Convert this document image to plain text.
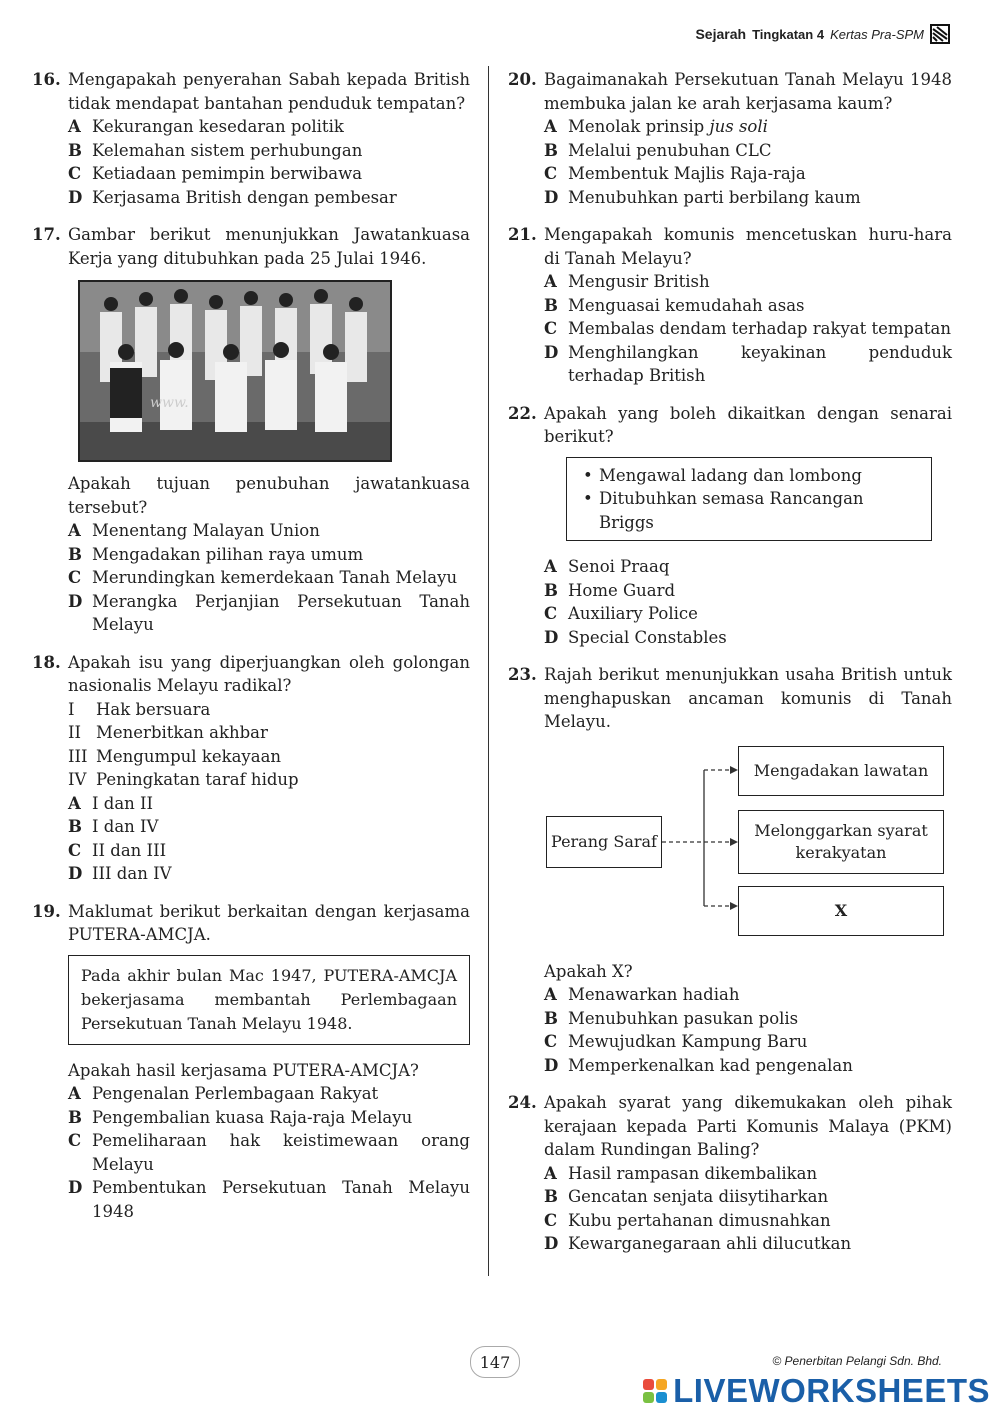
Sejarah Tingkatan 4 Kertas Pra-SPM
16. Mengapakah penyerahan Sabah kepada British tidak mendapat bantahan penduduk tempatan?
A Kekurangan kesedaran politik
B Kelemahan sistem perhubungan
C Ketiadaan pemimpin berwibawa
D Kerjasama British dengan pembesar
17. Gambar berikut menunjukkan Jawatankuasa Kerja yang ditubuhkan pada 25 Julai 1946.
www.
Apakah tujuan penubuhan jawatankuasa tersebut?
A Menentang Malayan Union
B Mengadakan pilihan raya umum
C Merundingkan kemerdekaan Tanah Melayu
D Merangka Perjanjian Persekutuan Tanah Melayu
18. Apakah isu yang diperjuangkan oleh golongan nasionalis Melayu radikal?
I	Hak bersuara
II Menerbitkan akhbar
III Mengumpul kekayaan
IV Peningkatan taraf hidup
A I dan II
B I dan IV
C II dan III
D III dan IV
19. Maklumat berikut berkaitan dengan kerjasama PUTERA-AMCJA.
Pada akhir bulan Mac 1947, PUTERA-AMCJA bekerjasama membantah Perlembagaan Persekutuan Tanah Melayu 1948.
Apakah hasil kerjasama PUTERA-AMCJA?
A Pengenalan Perlembagaan Rakyat
B Pengembalian kuasa Raja-raja Melayu
C Pemeliharaan hak keistimewaan orang Melayu
D Pembentukan Persekutuan Tanah Melayu 1948
20. Bagaimanakah Persekutuan Tanah Melayu 1948 membuka jalan ke arah kerjasama kaum?
A Menolak prinsip jus soli
B Melalui penubuhan CLC
C Membentuk Majlis Raja-raja
D Menubuhkan parti berbilang kaum
21. Mengapakah komunis mencetuskan huru-hara di Tanah Melayu?
A Mengusir British
B Menguasai kemudahah asas
C Membalas dendam terhadap rakyat tempatan
D Menghilangkan keyakinan penduduk terhadap British
22. Apakah yang boleh dikaitkan dengan senarai berikut?
• Mengawal ladang dan lombong
• Ditubuhkan semasa Rancangan Briggs
A Senoi Praaq
B Home Guard
C Auxiliary Police
D Special Constables
23. Rajah berikut menunjukkan usaha British untuk menghapuskan ancaman komunis di Tanah Melayu.
Perang Saraf
Mengadakan lawatan
Melonggarkan syarat kerakyatan
X
Apakah X?
A Menawarkan hadiah
B Menubuhkan pasukan polis
C Mewujudkan Kampung Baru
D Memperkenalkan kad pengenalan
24. Apakah syarat yang dikemukakan oleh pihak kerajaan kepada Parti Komunis Malaya (PKM) dalam Rundingan Baling?
A Hasil rampasan dikembalikan
B Gencatan senjata diisytiharkan
C Kubu pertahanan dimusnahkan
D Kewarganegaraan ahli dilucutkan
147	© Penerbitan Pelangi Sdn. Bhd.
LIVEWORKSHEETS
